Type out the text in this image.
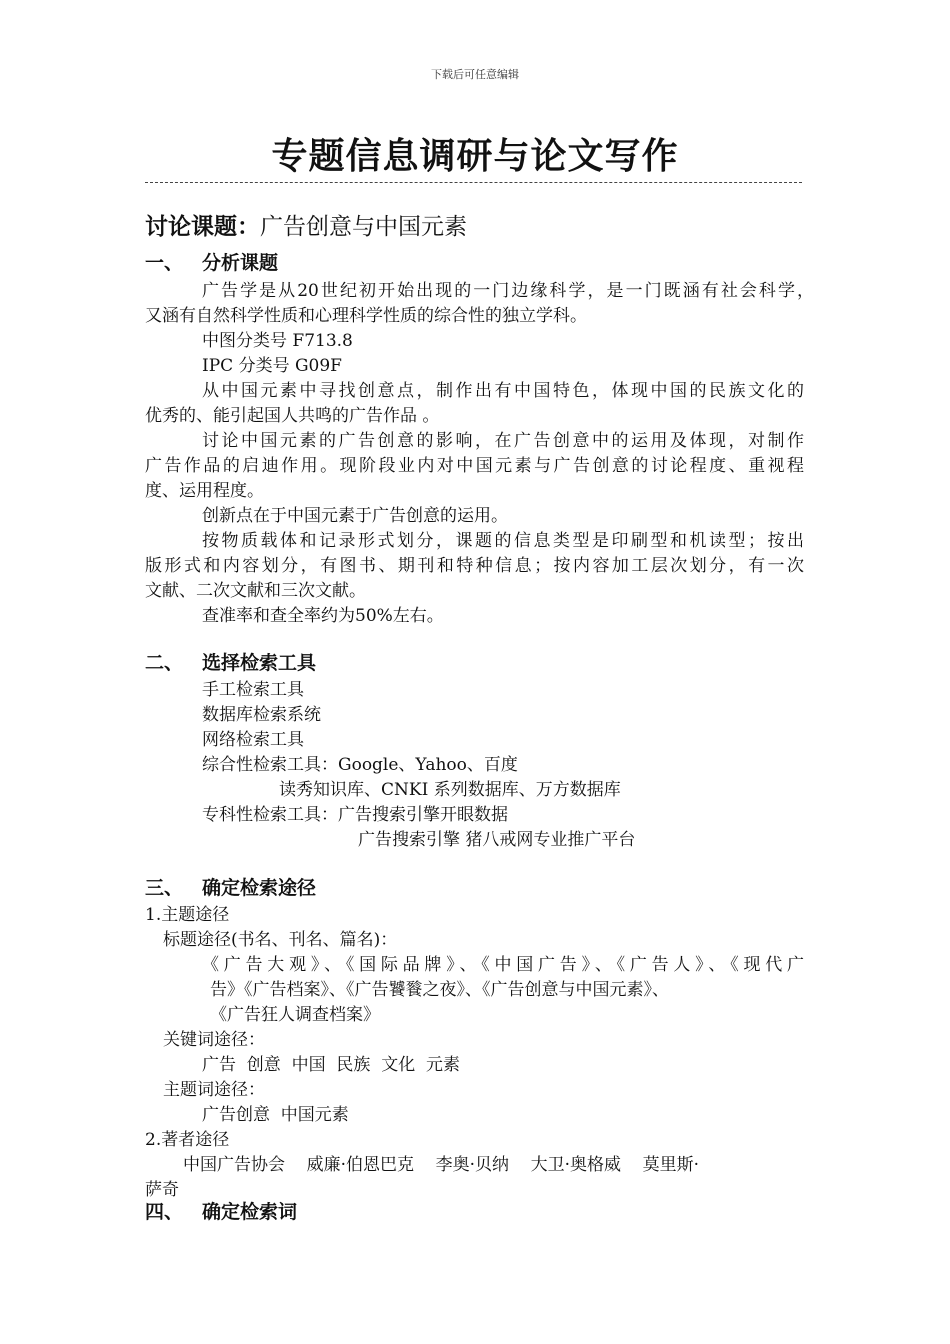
下载后可任意编辑
专题信息调研与论文写作
讨论课题：广告创意与中国元素
一、 分析课题
广告学是从20世纪初开始出现的一门边缘科学，是一门既涵有社会科学，
又涵有自然科学性质和心理科学性质的综合性的独立学科。
中图分类号 F713.8
IPC 分类号 G09F
从中国元素中寻找创意点，制作出有中国特色，体现中国的民族文化的
优秀的、能引起国人共鸣的广告作品 。
讨论中国元素的广告创意的影响，在广告创意中的运用及体现，对制作
广告作品的启迪作用。现阶段业内对中国元素与广告创意的讨论程度、重视程
度、运用程度。
创新点在于中国元素于广告创意的运用。
按物质载体和记录形式划分，课题的信息类型是印刷型和机读型；按出
版形式和内容划分，有图书、期刊和特种信息；按内容加工层次划分，有一次
文献、二次文献和三次文献。
查准率和查全率约为50%左右。
二、 选择检索工具
手工检索工具
数据库检索系统
网络检索工具
综合性检索工具：Google、Yahoo、百度
读秀知识库、CNKI 系列数据库、万方数据库
专科性检索工具：广告搜索引擎开眼数据
广告搜索引擎 猪八戒网专业推广平台
三、 确定检索途径
1.主题途径
标题途径(书名、刊名、篇名)：
《广告大观》、《国际品牌》、《中国广告》、《广告人》、《现代广
告》《广告档案》、《广告饕餮之夜》、《广告创意与中国元素》、
《广告狂人调查档案》
关键词途径：
广告  创意  中国  民族  文化  元素
主题词途径：
广告创意  中国元素
2.著者途径
中国广告协会    威廉·伯恩巴克    李奥·贝纳    大卫·奥格威    莫里斯·
萨奇
四、 确定检索词
